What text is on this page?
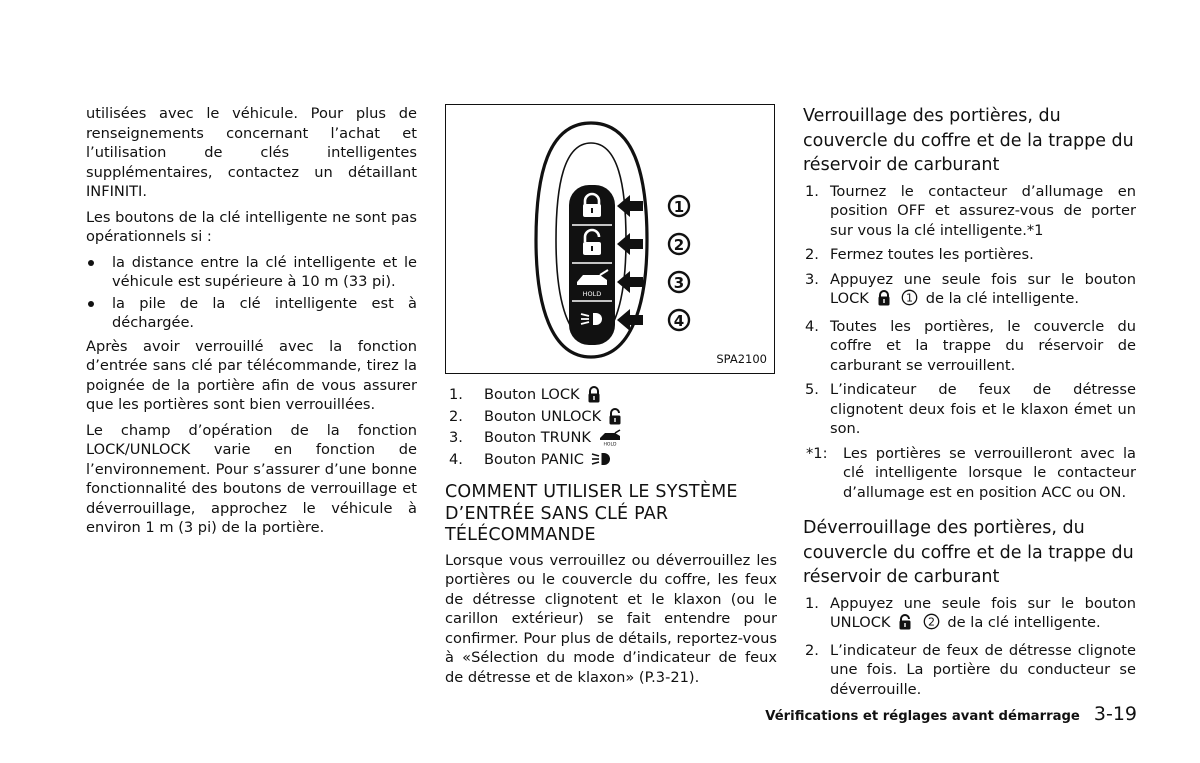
utilisées avec le véhicule. Pour plus de renseignements concernant l’achat et l’utilisation de clés intelligentes supplémentaires, contactez un détaillant INFINITI.

Les boutons de la clé intelligente ne sont pas opérationnels si :

la distance entre la clé intelligente et le véhicule est supérieure à 10 m (33 pi).
la pile de la clé intelligente est à déchargée.

Après avoir verrouillé avec la fonction d’entrée sans clé par télécommande, tirez la poignée de la portière afin de vous assurer que les portières sont bien verrouillées.

Le champ d’opération de la fonction LOCK/UNLOCK varie en fonction de l’environnement. Pour s’assurer d’une bonne fonctionnalité des boutons de verrouillage et déverrouillage, approchez le véhicule à environ 1 m (3 pi) de la portière.

HOLD
1
2
3
4
SPA2100
1.	Bouton LOCK
2.	Bouton UNLOCK
3.	Bouton TRUNK	HOLD
4.	Bouton PANIC
COMMENT UTILISER LE SYSTÈME D’ENTRÉE SANS CLÉ PAR TÉLÉCOMMANDE

Lorsque vous verrouillez ou déverrouillez les portières ou le couvercle du coffre, les feux de détresse clignotent et le klaxon (ou le carillon extérieur) se fait entendre pour confirmer. Pour plus de détails, reportez-vous à «Sélection du mode d’indicateur de feux de détresse et de klaxon» (P.3-21).

Verrouillage des portières, du couvercle du coffre et de la trappe du réservoir de carburant
1. Tournez le contacteur d’allumage en position OFF et assurez-vous de porter sur vous la clé intelligente.*1
2. Fermez toutes les portières.
3. Appuyez une seule fois sur le bouton LOCK	1 de la clé intelligente.
4. Toutes les portières, le couvercle du coffre et la trappe du réservoir de carburant se verrouillent.
5. L’indicateur de feux de détresse clignotent deux fois et le klaxon émet un son.
*1: Les portières se verrouilleront avec la clé intelligente lorsque le contacteur d’allumage est en position ACC ou ON.
Déverrouillage des portières, du couvercle du coffre et de la trappe du réservoir de carburant
1. Appuyez une seule fois sur le bouton UNLOCK	2 de la clé intelligente.
2. L’indicateur de feux de détresse clignote une fois. La portière du conducteur se déverrouille.
Vérifications et réglages avant démarrage 3-19
